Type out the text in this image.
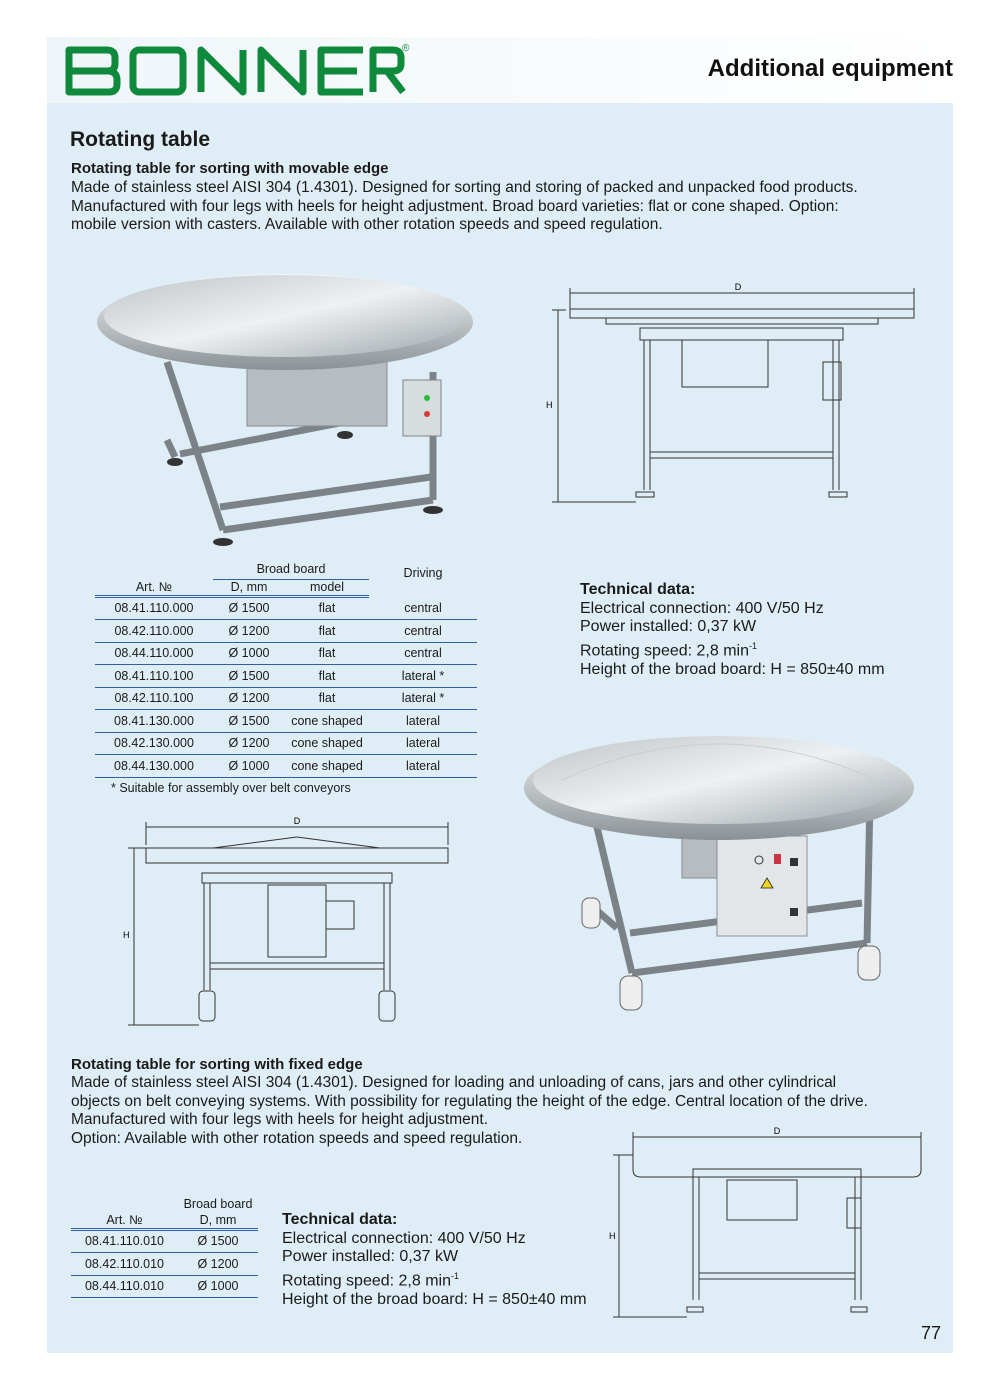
®
Additional equipment
Rotating table
Rotating table for sorting with movable edge

Made of stainless steel AISI 304 (1.4301). Designed for sorting and storing of packed and unpacked food products.
Manufactured with four legs with heels for height adjustment. Broad board varieties: flat or cone shaped. Option:
mobile version with casters. Available with other rotation speeds and speed regulation.

D
H
	Broad board		Driving
Art. №	D, mm	model	
08.41.110.000	Ø 1500	flat	central
08.42.110.000	Ø 1200	flat	central
08.44.110.000	Ø 1000	flat	central
08.41.110.100	Ø 1500	flat	lateral *
08.42.110.100	Ø 1200	flat	lateral *
08.41.130.000	Ø 1500	cone shaped	lateral
08.42.130.000	Ø 1200	cone shaped	lateral
08.44.130.000	Ø 1000	cone shaped	lateral
* Suitable for assembly over belt conveyors
Technical data:
Electrical connection: 400 V/50 Hz
Power installed: 0,37 kW
Rotating speed: 2,8 $\min^{-1}$
Height of the broad board: H = 850±40 mm
D
H
Rotating table for sorting with fixed edge

Made of stainless steel AISI 304 (1.4301). Designed for loading and unloading of cans, jars and other cylindrical
objects on belt conveying systems. With possibility for regulating the height of the edge. Central location of the drive.
Manufactured with four legs with heels for height adjustment.
Option: Available with other rotation speeds and speed regulation.

	Broad board
Art. №	D, mm
08.41.110.010	Ø 1500
08.42.110.010	Ø 1200
08.44.110.010	Ø 1000
Technical data:
Electrical connection: 400 V/50 Hz
Power installed: 0,37 kW
Rotating speed: 2,8 $\min^{-1}$
Height of the broad board: H = 850±40 mm
D
H
77
